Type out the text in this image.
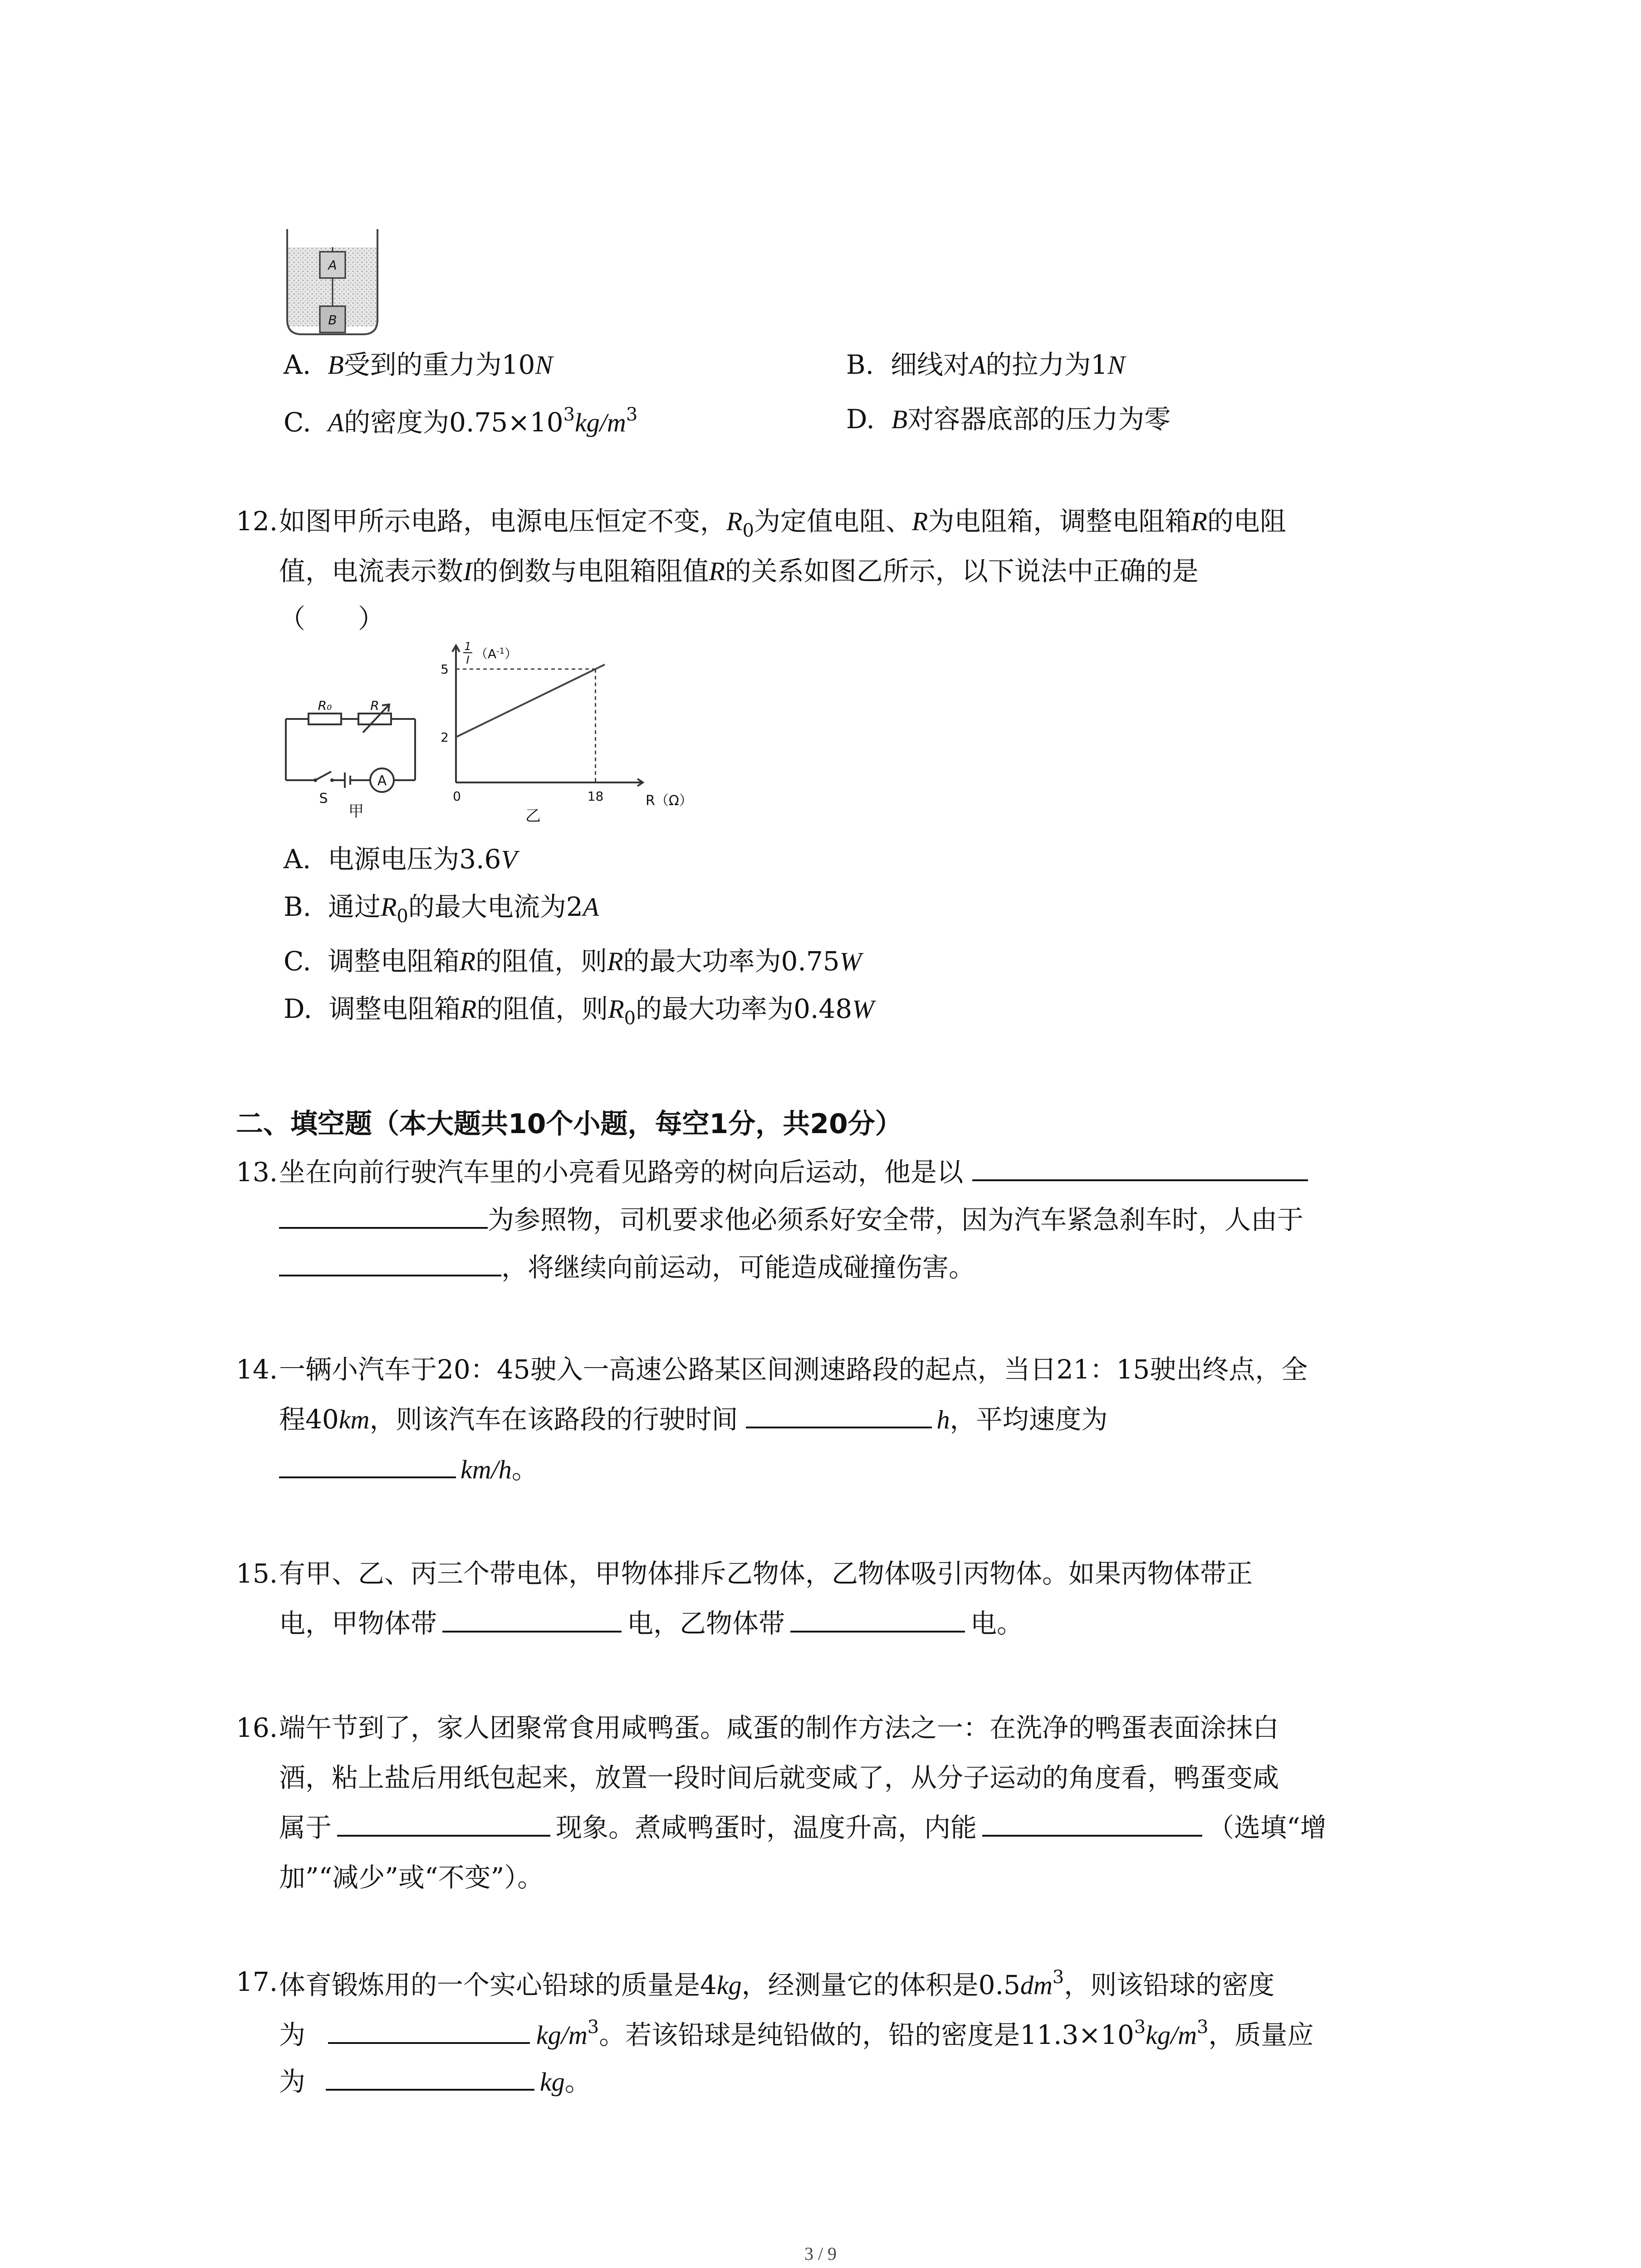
A
B
A. B受到的重力为10N	B. 细线对A的拉力为1N
C. A的密度为$0.75\times 10^3kg/m^3$	D. B对容器底部的压力为零
12. 如图甲所示电路，电源电压恒定不变，$R_0$为定值电阻、R为电阻箱，调整电阻箱R的电阻
值，电流表示数I的倒数与电阻箱阻值R的关系如图乙所示，以下说法中正确的是
（　　）
R₀	R
S
A
甲
0	18
2
5
1
I $(A^{-1})$
R（Ω）
乙
A. 电源电压为3.6V
B. 通过$R_0$的最大电流为2A
C. 调整电阻箱R的阻值，则R的最大功率为0.75W
D. 调整电阻箱R的阻值，则$R_0$的最大功率为0.48W
二、填空题（本大题共10个小题，每空1分，共20分）
13. 坐在向前行驶汽车里的小亮看见路旁的树向后运动，他是以
为参照物，司机要求他必须系好安全带，因为汽车紧急刹车时，人由于
，将继续向前运动，可能造成碰撞伤害。
14. 一辆小汽车于20：45驶入一高速公路某区间测速路段的起点，当日21：15驶出终点，全
程40km，则该汽车在该路段的行驶时间	h，平均速度为
km/h。
15. 有甲、乙、丙三个带电体，甲物体排斥乙物体，乙物体吸引丙物体。如果丙物体带正
电，甲物体带	电，乙物体带	电。
16. 端午节到了，家人团聚常食用咸鸭蛋。咸蛋的制作方法之一：在洗净的鸭蛋表面涂抹白
酒，粘上盐后用纸包起来，放置一段时间后就变咸了，从分子运动的角度看，鸭蛋变咸
属于	现象。煮咸鸭蛋时，温度升高，内能	（选填“增
加”“减少”或“不变”）。
17. 体育锻炼用的一个实心铅球的质量是4kg，经测量它的体积是$0.5dm^3$，则该铅球的密度
为	$kg/m^3$。若该铅球是纯铅做的，铅的密度是$11.3\times 10^3kg/m^3$，质量应
为	kg。
3 / 9
